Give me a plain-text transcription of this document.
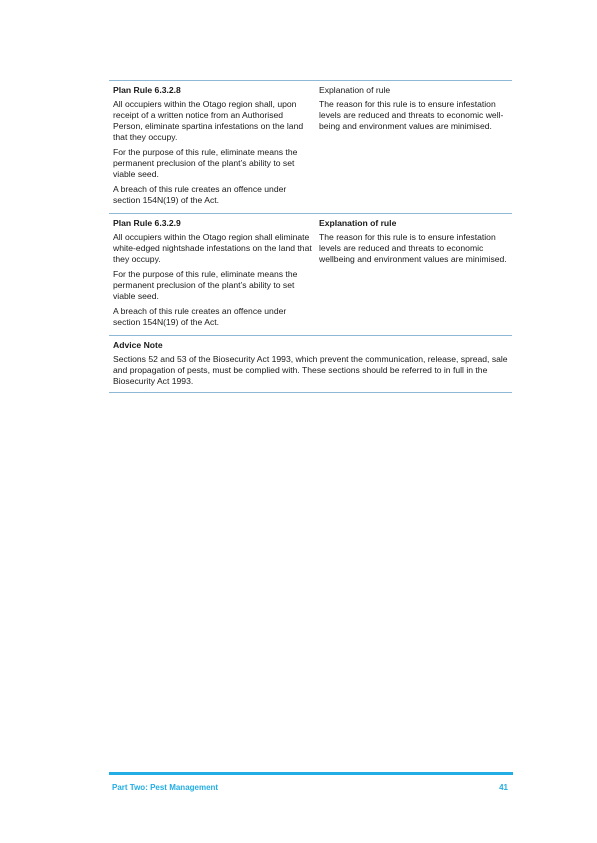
Plan Rule 6.3.2.8

All occupiers within the Otago region shall, upon receipt of a written notice from an Authorised Person, eliminate spartina infestations on the land that they occupy.

For the purpose of this rule, eliminate means the permanent preclusion of the plant’s ability to set viable seed.

A breach of this rule creates an offence under section 154N(19) of the Act.

Explanation of rule

The reason for this rule is to ensure infestation levels are reduced and threats to economic well-being and environment values are minimised.

Plan Rule 6.3.2.9

All occupiers within the Otago region shall eliminate white-edged nightshade infestations on the land that they occupy.

For the purpose of this rule, eliminate means the permanent preclusion of the plant’s ability to set viable seed.

A breach of this rule creates an offence under section 154N(19) of the Act.

Explanation of rule

The reason for this rule is to ensure infestation levels are reduced and threats to economic wellbeing and environment values are minimised.

Advice Note

Sections 52 and 53 of the Biosecurity Act 1993, which prevent the communication, release, spread, sale and propagation of pests, must be complied with. These sections should be referred to in full in the Biosecurity Act 1993.

Part Two: Pest Management	41
